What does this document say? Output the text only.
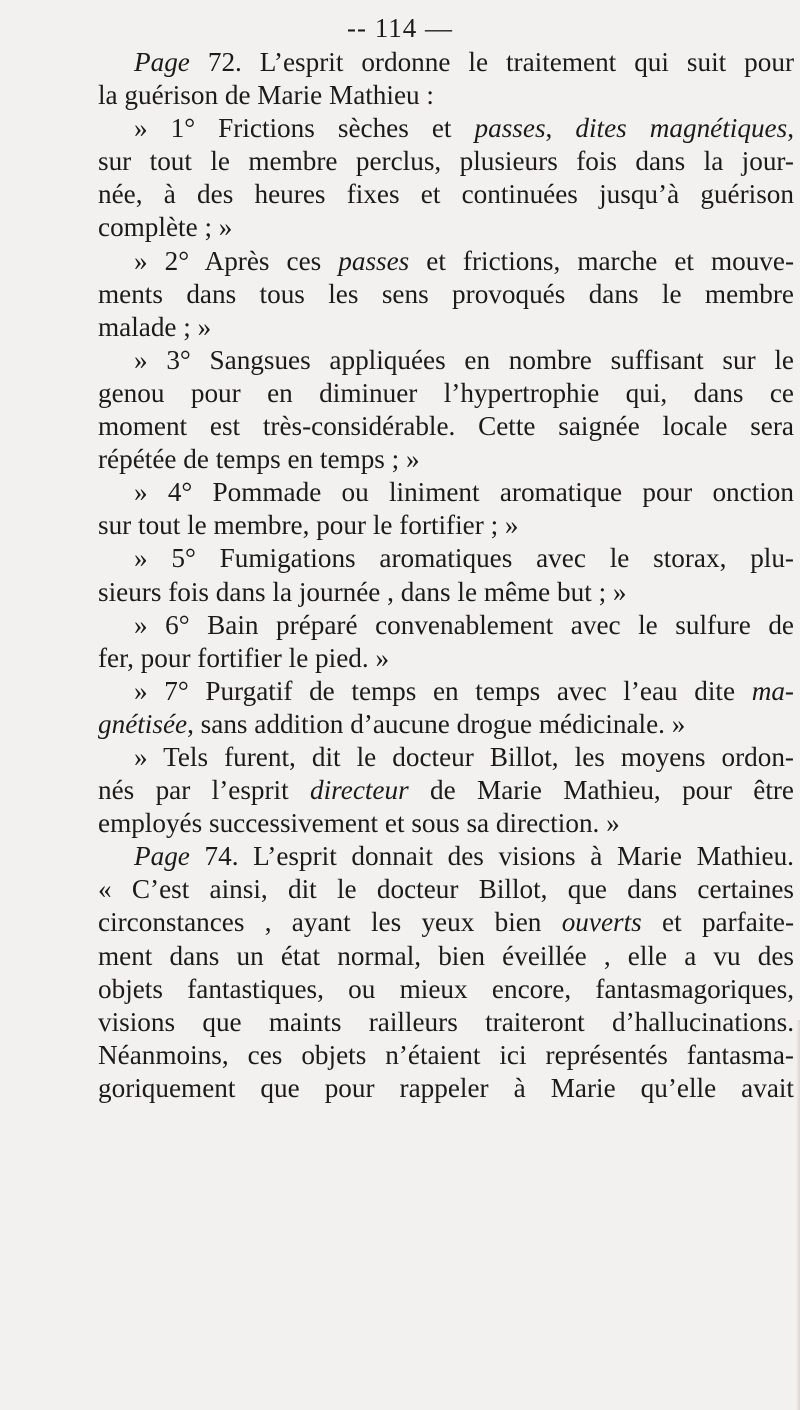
-- 114 —
Page 72. L’esprit ordonne le traitement qui suit pour
la guérison de Marie Mathieu :
» 1° Frictions sèches et passes, dites magnétiques,
sur tout le membre perclus, plusieurs fois dans la jour-
née, à des heures fixes et continuées jusqu’à guérison
complète ; »
» 2° Après ces passes et frictions, marche et mouve-
ments dans tous les sens provoqués dans le membre
malade ; »
» 3° Sangsues appliquées en nombre suffisant sur le
genou pour en diminuer l’hypertrophie qui, dans ce
moment est très-considérable. Cette saignée locale sera
répétée de temps en temps ; »
» 4° Pommade ou liniment aromatique pour onction
sur tout le membre, pour le fortifier ; »
» 5° Fumigations aromatiques avec le storax, plu-
sieurs fois dans la journée , dans le même but ; »
» 6° Bain préparé convenablement avec le sulfure de
fer, pour fortifier le pied. »
» 7° Purgatif de temps en temps avec l’eau dite ma-
gnétisée, sans addition d’aucune drogue médicinale. »
» Tels furent, dit le docteur Billot, les moyens ordon-
nés par l’esprit directeur de Marie Mathieu, pour être
employés successivement et sous sa direction. »
Page 74. L’esprit donnait des visions à Marie Mathieu.
« C’est ainsi, dit le docteur Billot, que dans certaines
circonstances , ayant les yeux bien ouverts et parfaite-
ment dans un état normal, bien éveillée , elle a vu des
objets fantastiques, ou mieux encore, fantasmagoriques,
visions que maints railleurs traiteront d’hallucinations.
Néanmoins, ces objets n’étaient ici représentés fantasma-
goriquement que pour rappeler à Marie qu’elle avait
